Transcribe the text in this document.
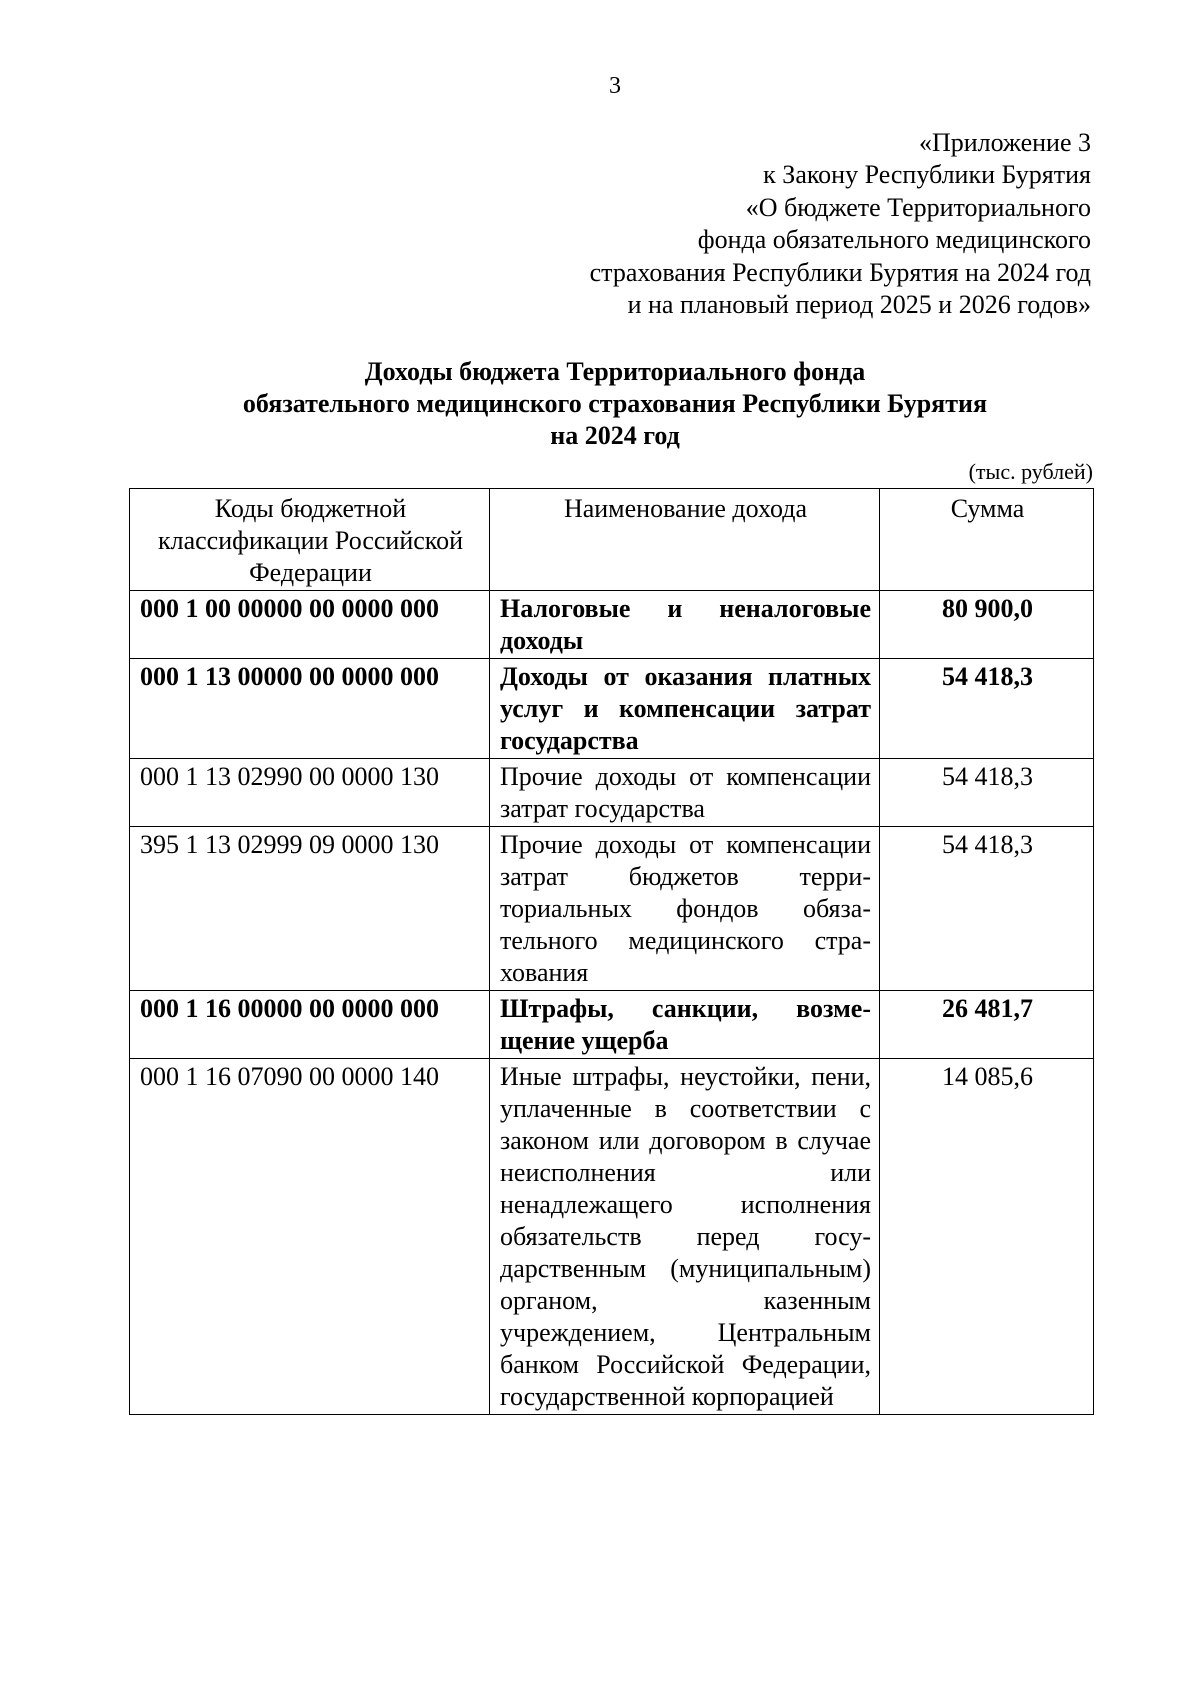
3
«Приложение 3
к Закону Республики Бурятия
«О бюджете Территориального
фонда обязательного медицинского
страхования Республики Бурятия на 2024 год
и на плановый период 2025 и 2026 годов»
Доходы бюджета Территориального фонда
обязательного медицинского страхования Республики Бурятия
на 2024 год
(тыс. рублей)
Коды бюджетной классификации Российской Федерации	Наименование дохода	Сумма
000 1 00 00000 00 0000 000	Налоговые и неналоговые доходы	80 900,0
000 1 13 00000 00 0000 000	Доходы от оказания платных услуг и компенсации затрат государства	54 418,3
000 1 13 02990 00 0000 130	Прочие доходы от компенсации затрат государства	54 418,3
395 1 13 02999 09 0000 130	Прочие доходы от компенсации затрат бюджетов территориальных фондов обязательного медицинского страхования	54 418,3
000 1 16 00000 00 0000 000	Штрафы, санкции, возмещение ущерба	26 481,7
000 1 16 07090 00 0000 140	Иные штрафы, неустойки, пени, уплаченные в соответствии с законом или договором в случае неисполнения или ненадлежащего исполнения обязательств перед государственным (муниципальным) органом, казенным учреждением, Центральным банком Российской Федерации, государственной корпорацией	14 085,6
